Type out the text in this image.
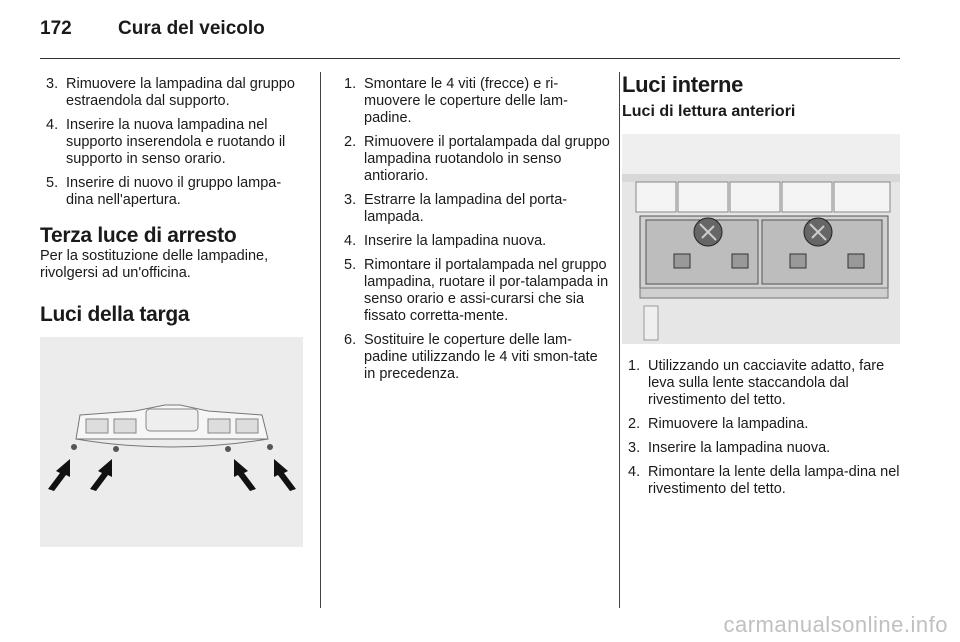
172 Cura del veicolo
3. Rimuovere la lampadina dal gruppo estraendola dal supporto.
4. Inserire la nuova lampadina nel supporto inserendola e ruotando il supporto in senso orario.
5. Inserire di nuovo il gruppo lampa-dina nell'apertura.
Terza luce di arresto

Per la sostituzione delle lampadine, rivolgersi ad un'officina.

Luci della targa
1. Smontare le 4 viti (frecce) e ri-muovere le coperture delle lam-padine.
2. Rimuovere il portalampada dal gruppo lampadina ruotandolo in senso antiorario.
3. Estrarre la lampadina del porta-lampada.
4. Inserire la lampadina nuova.
5. Rimontare il portalampada nel gruppo lampadina, ruotare il por-talampada in senso orario e assi-curarsi che sia fissato corretta-mente.
6. Sostituire le coperture delle lam-padine utilizzando le 4 viti smon-tate in precedenza.
Luci interne
Luci di lettura anteriori
1. Utilizzando un cacciavite adatto, fare leva sulla lente staccandola dal rivestimento del tetto.
2. Rimuovere la lampadina.
3. Inserire la lampadina nuova.
4. Rimontare la lente della lampa-dina nel rivestimento del tetto.
carmanualsonline.info
